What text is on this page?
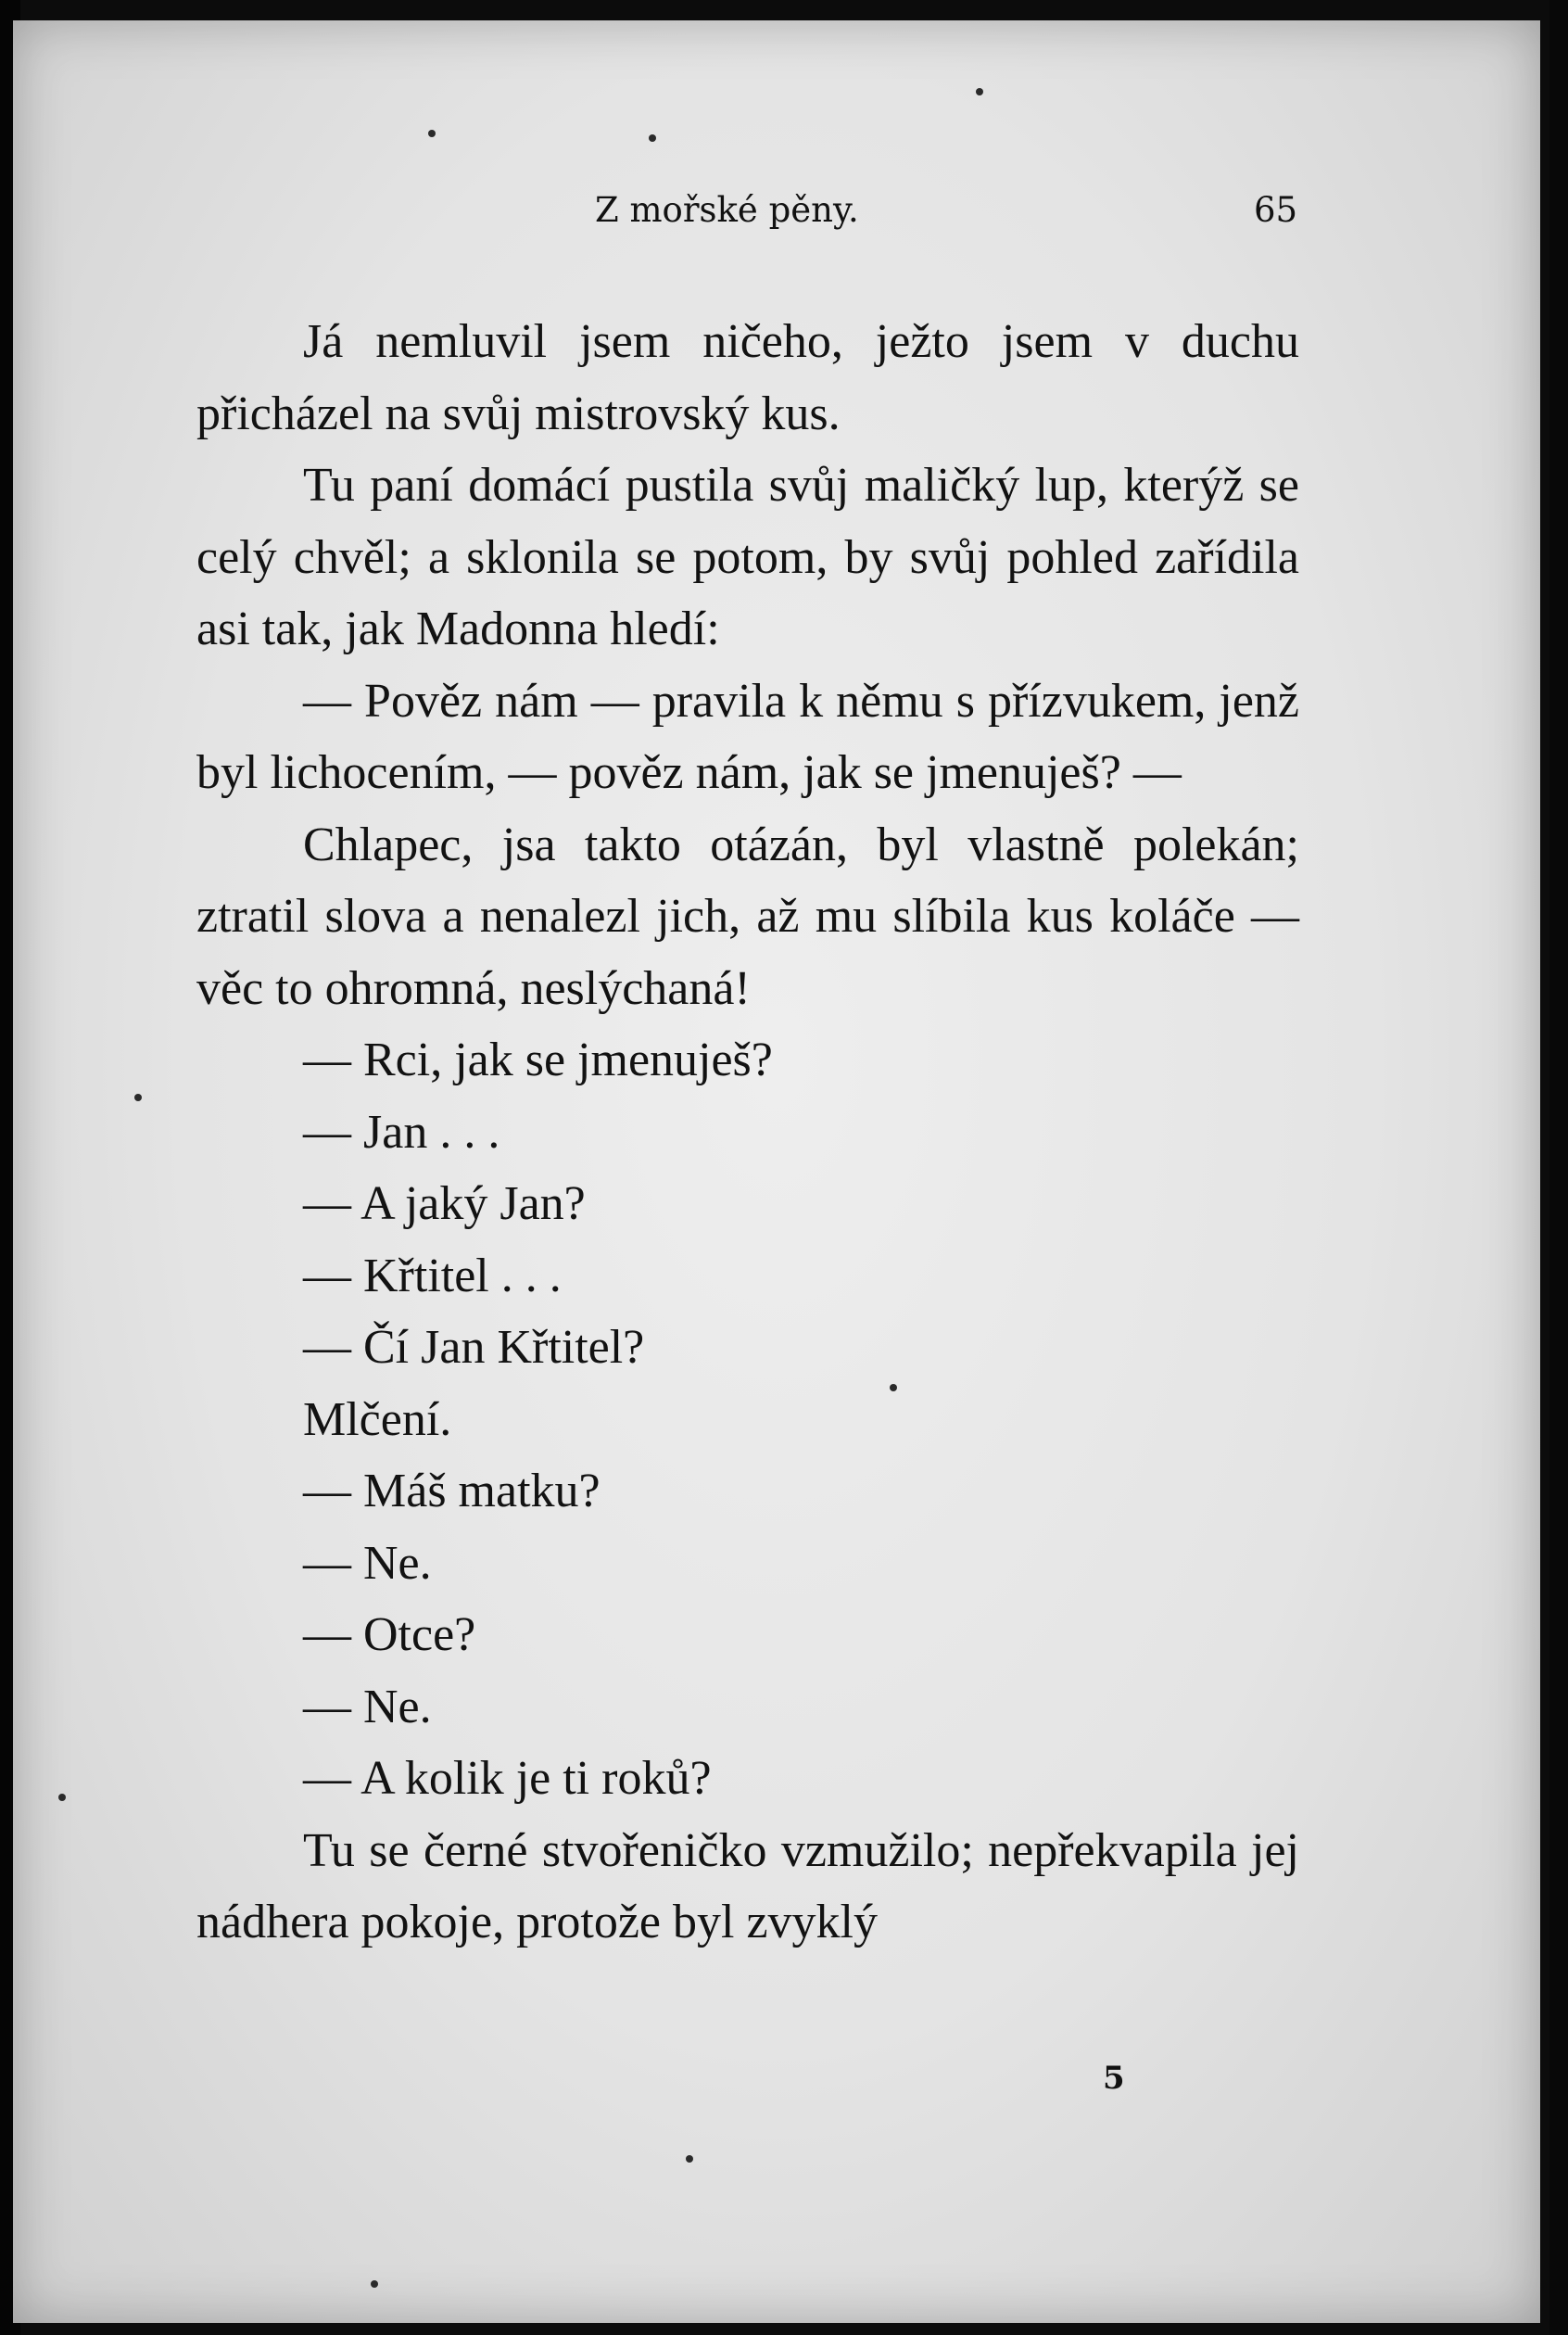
Z mořské pěny.	65

Já nemluvil jsem ničeho, ježto jsem v duchu přicházel na svůj mistrovský kus.

Tu paní domácí pustila svůj maličký lup, kterýž se celý chvěl; a sklonila se potom, by svůj pohled zařídila asi tak, jak Madonna hledí:

— Pověz nám — pravila k němu s přízvukem, jenž byl lichocením, — pověz nám, jak se jmenuješ? —

Chlapec, jsa takto otázán, byl vlastně polekán; ztratil slova a nenalezl jich, až mu slíbila kus koláče — věc to ohromná, neslýchaná!

— Rci, jak se jmenuješ?

— Jan . . .

— A jaký Jan?

— Křtitel . . .

— Čí Jan Křtitel?

Mlčení.

— Máš matku?

— Ne.

— Otce?

— Ne.

— A kolik je ti roků?

Tu se černé stvořeničko vzmužilo; nepřekvapila jej nádhera pokoje, protože byl zvyklý

5
